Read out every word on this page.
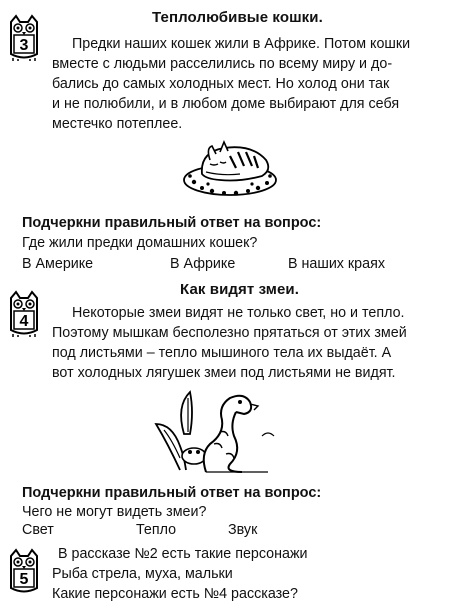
3
Теплолюбивые кошки.

Предки наших кошек жили в Африке. Потом кошки
вместе с людьми расселились по всему миру и до-
бались до самых холодных мест. Но холод они так
и не полюбили, и в любом доме выбирают для себя
местечко потеплее.

Подчеркни правильный ответ на вопрос:
Где жили предки домашних кошек?
В Америке	В Африке	В наших краях
4
Как видят змеи.

Некоторые змеи видят не только свет, но и тепло.
Поэтому мышкам бесполезно прятаться от этих змей
под листьями – тепло мышиного тела их выдаёт. А
вот холодных лягушек змеи под листьями не видят.

Подчеркни правильный ответ на вопрос:
Чего не могут видеть змеи?
Свет	Тепло	Звук
5

В рассказе №2 есть такие персонажи
Рыба стрела, муха, мальки
Какие персонажи есть №4 рассказе?
